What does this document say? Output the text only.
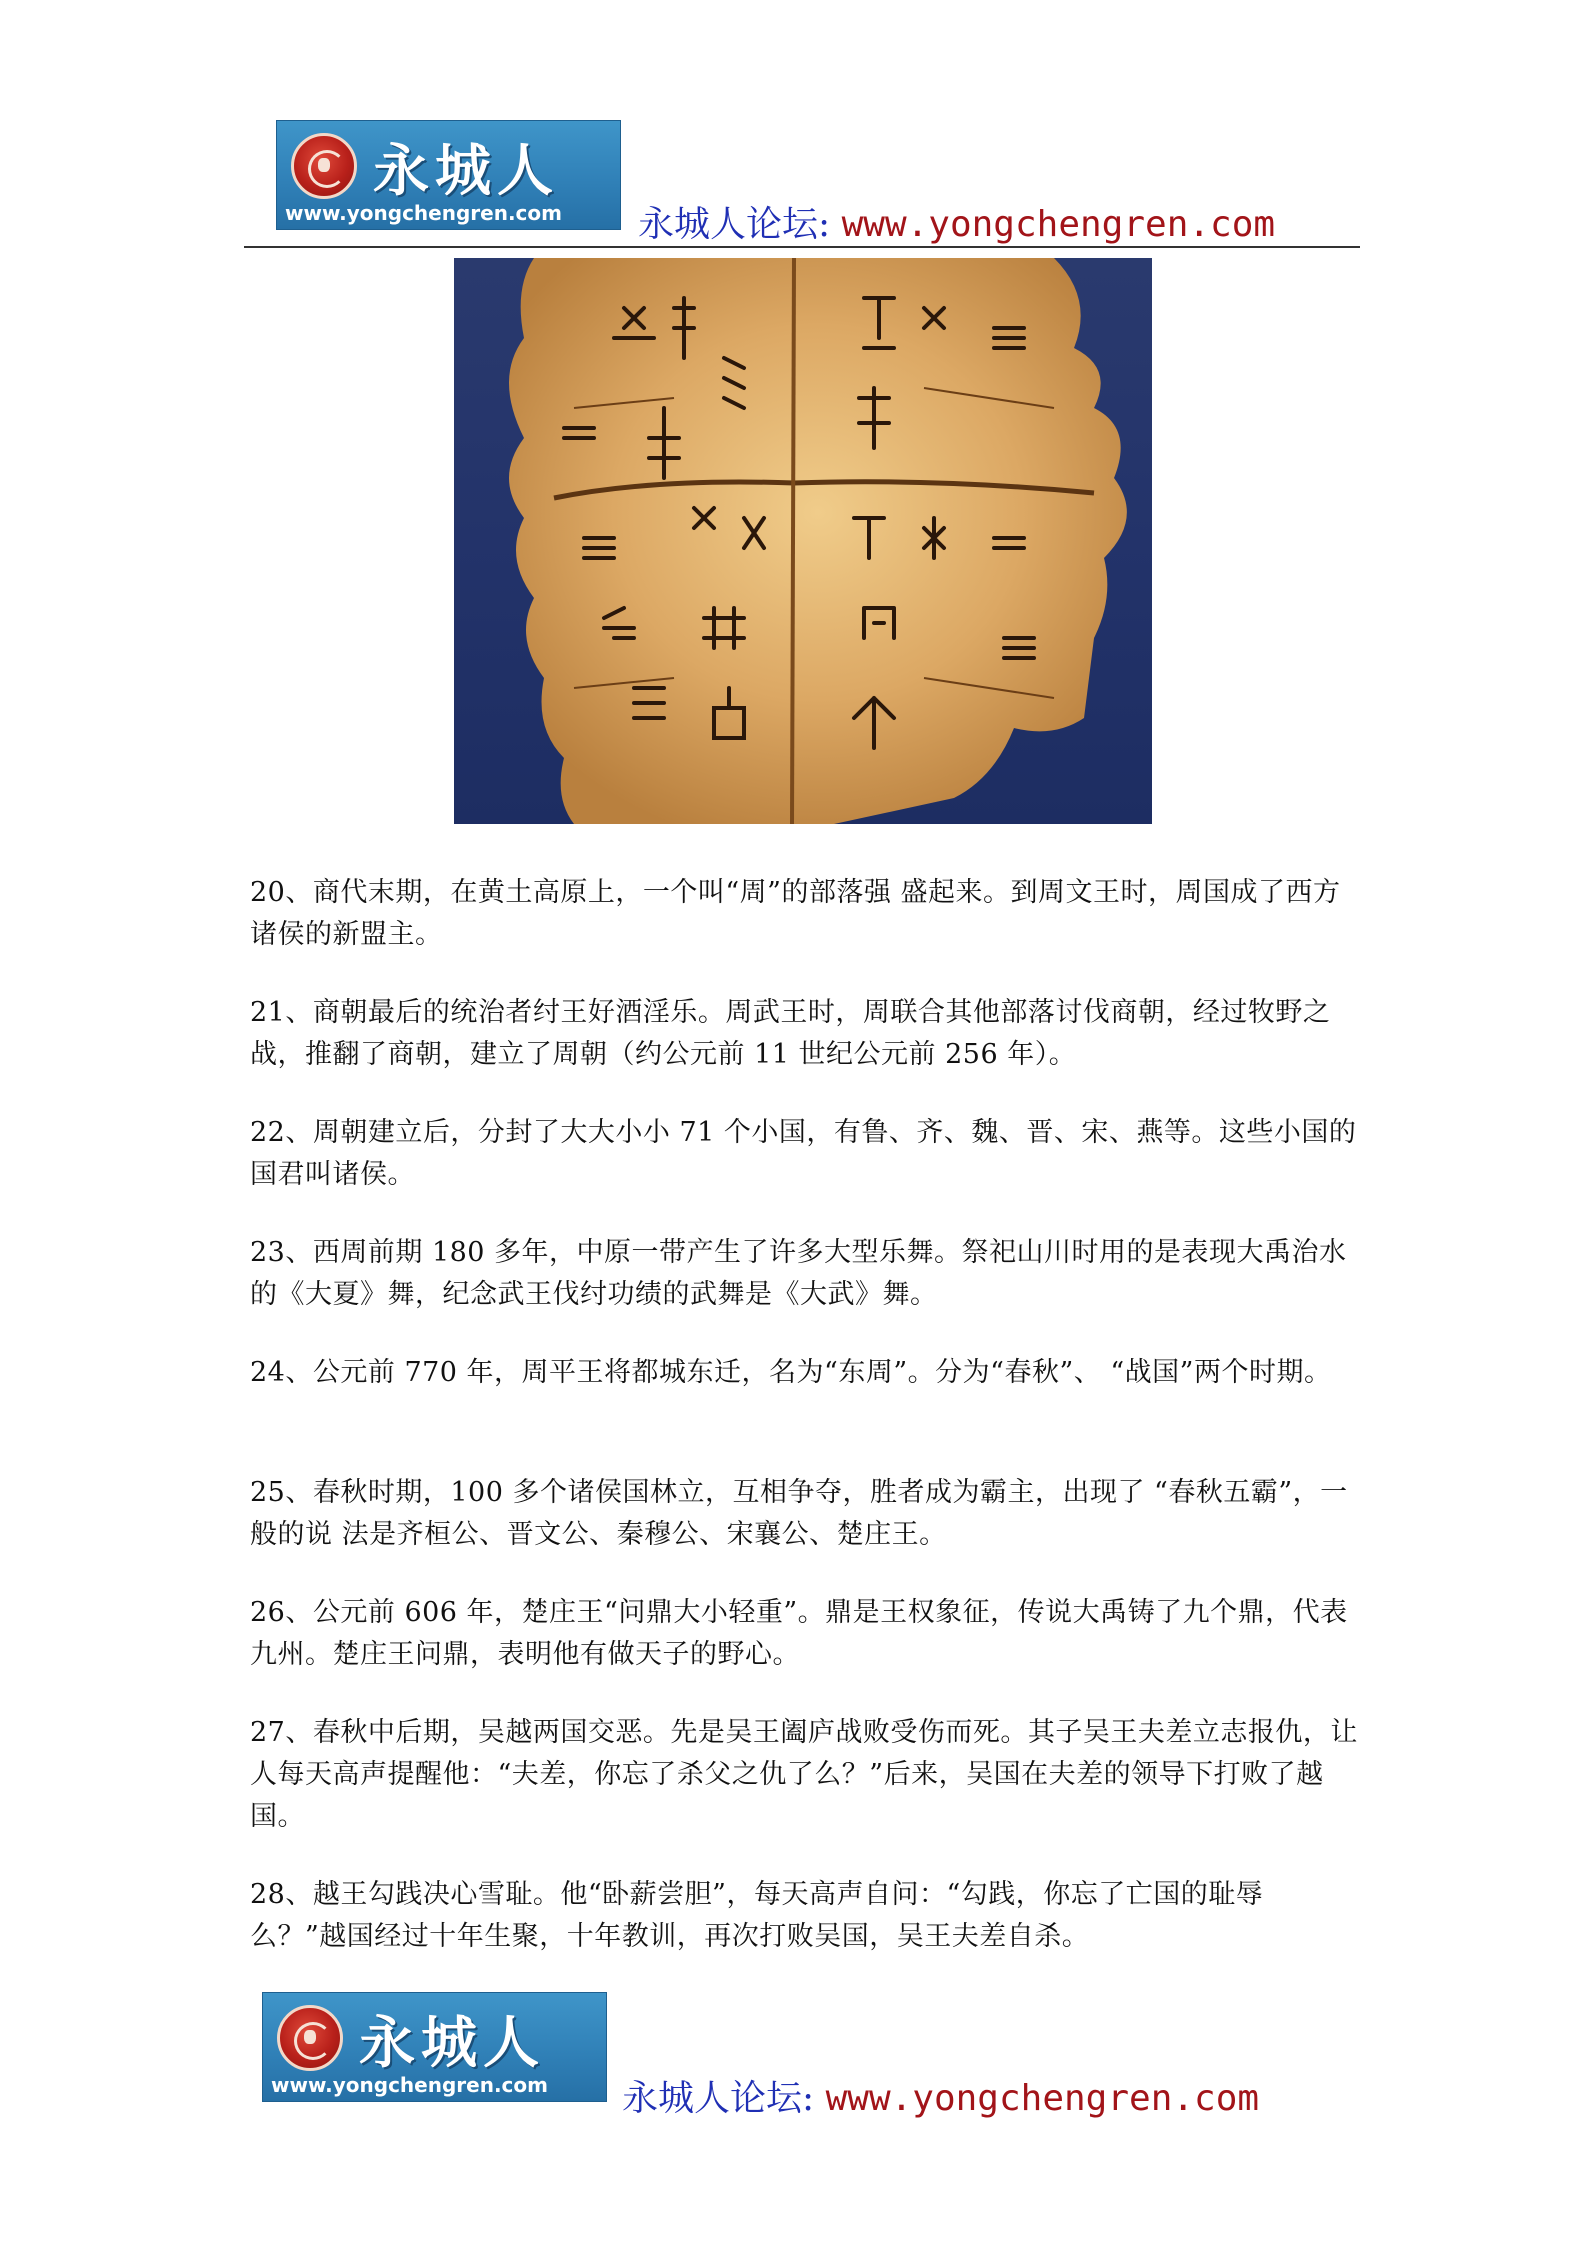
永城人
www.yongchengren.com 永城人论坛: www.yongchengren.com

20、商代末期，在黄土高原上，一个叫“周”的部落强 盛起来。到周文王时，周国成了西方诸侯的新盟主。

21、商朝最后的统治者纣王好酒淫乐。周武王时，周联合其他部落讨伐商朝，经过牧野之战，推翻了商朝，建立了周朝（约公元前 11 世纪公元前 256 年）。

22、周朝建立后，分封了大大小小 71 个小国，有鲁、齐、魏、晋、宋、燕等。这些小国的国君叫诸侯。

23、西周前期 180 多年，中原一带产生了许多大型乐舞。祭祀山川时用的是表现大禹治水的《大夏》舞，纪念武王伐纣功绩的武舞是《大武》舞。

24、公元前 770 年，周平王将都城东迁，名为“东周”。分为“春秋”、 “战国”两个时期。

25、春秋时期，100 多个诸侯国林立，互相争夺，胜者成为霸主，出现了 “春秋五霸”，一般的说 法是齐桓公、晋文公、秦穆公、宋襄公、楚庄王。

26、公元前 606 年，楚庄王“问鼎大小轻重”。鼎是王权象征，传说大禹铸了九个鼎，代表九州。楚庄王问鼎，表明他有做天子的野心。

27、春秋中后期，吴越两国交恶。先是吴王阖庐战败受伤而死。其子吴王夫差立志报仇，让人每天高声提醒他：“夫差，你忘了杀父之仇了么？”后来，吴国在夫差的领导下打败了越国。

28、越王勾践决心雪耻。他“卧薪尝胆”，每天高声自问：“勾践，你忘了亡国的耻辱么？”越国经过十年生聚，十年教训，再次打败吴国，吴王夫差自杀。

永城人
www.yongchengren.com 永城人论坛: www.yongchengren.com
